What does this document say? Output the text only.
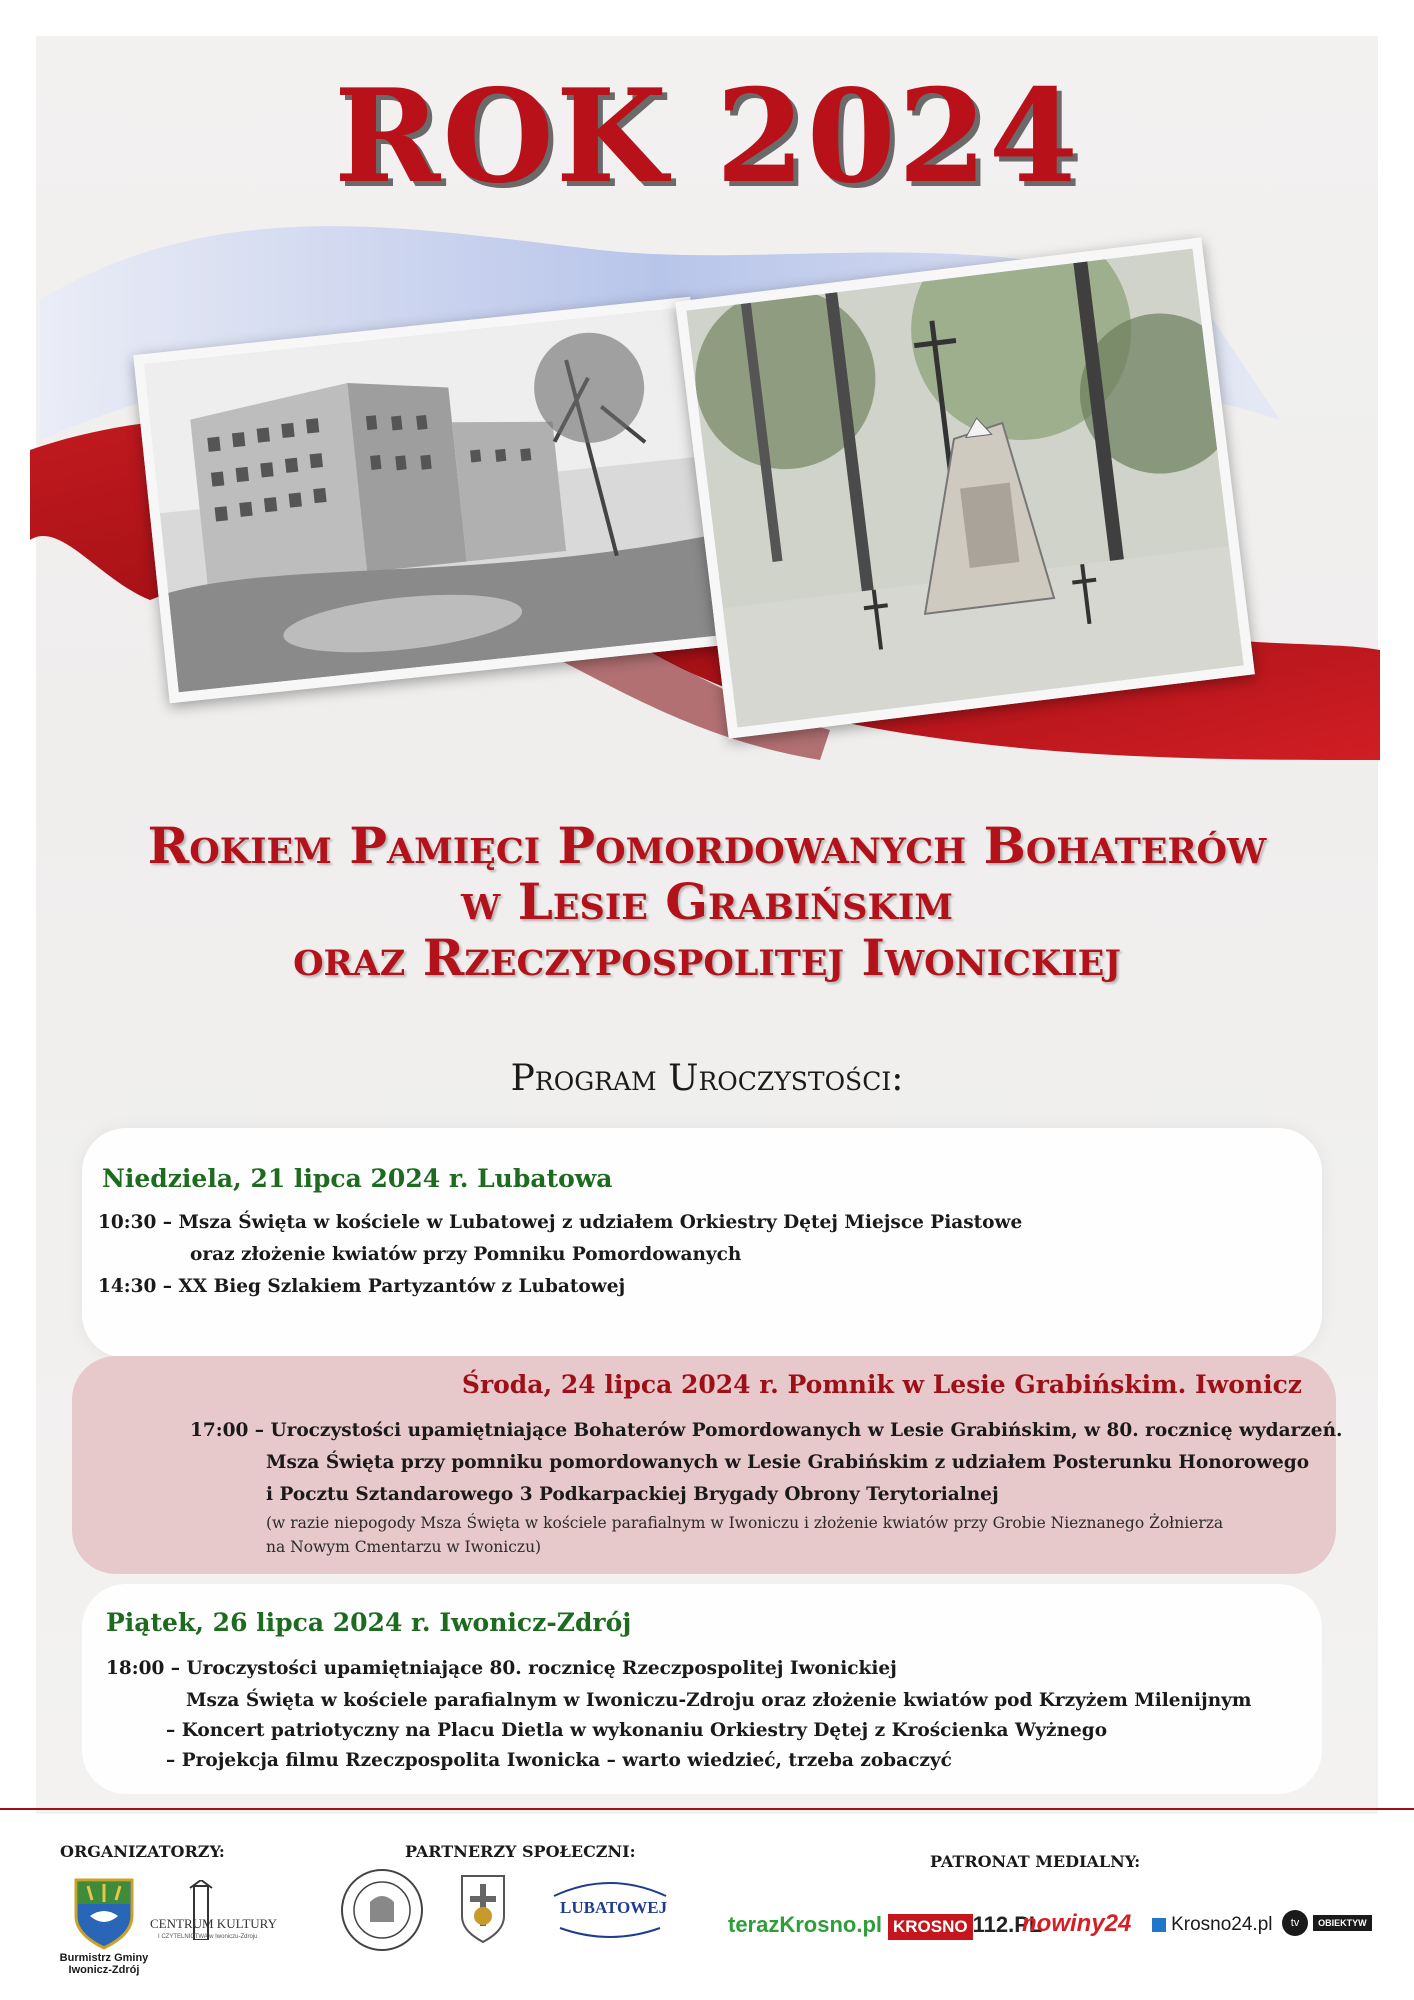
ROK 2024
Rokiem Pamięci Pomordowanych Bohaterów
w Lesie Grabińskim
oraz Rzeczypospolitej Iwonickiej
Program Uroczystości:
Niedziela, 21 lipca 2024 r. Lubatowa
10:30 – Msza Święta w kościele w Lubatowej z udziałem Orkiestry Dętej Miejsce Piastowe
oraz złożenie kwiatów przy Pomniku Pomordowanych
14:30 – XX Bieg Szlakiem Partyzantów z Lubatowej
Środa, 24 lipca 2024 r. Pomnik w Lesie Grabińskim. Iwonicz
17:00 – Uroczystości upamiętniające Bohaterów Pomordowanych w Lesie Grabińskim, w 80. rocznicę wydarzeń.
Msza Święta przy pomniku pomordowanych w Lesie Grabińskim z udziałem Posterunku Honorowego
i Pocztu Sztandarowego 3 Podkarpackiej Brygady Obrony Terytorialnej
(w razie niepogody Msza Święta w kościele parafialnym w Iwoniczu i złożenie kwiatów przy Grobie Nieznanego Żołnierza
na Nowym Cmentarzu w Iwoniczu)
Piątek, 26 lipca 2024 r. Iwonicz-Zdrój
18:00 – Uroczystości upamiętniające 80. rocznicę Rzeczpospolitej Iwonickiej
Msza Święta w kościele parafialnym w Iwoniczu-Zdroju oraz złożenie kwiatów pod Krzyżem Milenijnym
– Koncert patriotyczny na Placu Dietla w wykonaniu Orkiestry Dętej z Krościenka Wyżnego
– Projekcja filmu Rzeczpospolita Iwonicka – warto wiedzieć, trzeba zobaczyć
ORGANIZATORZY:	PARTNERZY SPOŁECZNI:
PATRONAT MEDIALNY:
Burmistrz Gminy Iwonicz-Zdrój
CENTRUM KULTURY
I CZYTELNICTWA w Iwoniczu-Zdroju
LUBATOWEJ
terazKrosno.pl KROSNO 112.PL
nowiny24	Krosno24.pl	tv OBIEKTYW
